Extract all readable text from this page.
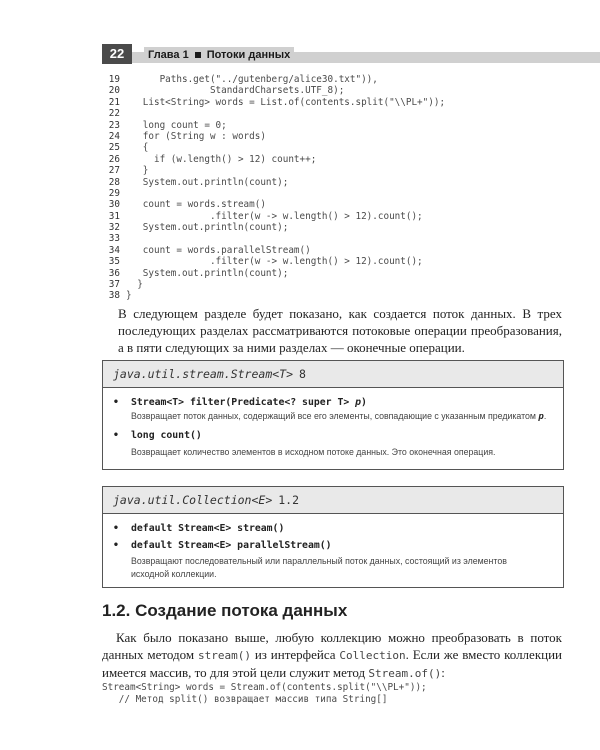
22	Глава 1 Потоки данных
19 Paths.get("../gutenberg/alice30.txt")),
20 StandardCharsets.UTF_8);
21 List<String> words = List.of(contents.split("\\PL+"));
22
23 long count = 0;
24 for (String w : words)
25 {
26 if (w.length() > 12) count++;
27 }
28 System.out.println(count);
29
30 count = words.stream()
31 .filter(w -> w.length() > 12).count();
32 System.out.println(count);
33
34 count = words.parallelStream()
35 .filter(w -> w.length() > 12).count();
36 System.out.println(count);
37 }
38 }
В следующем разделе будет показано, как создается поток данных. В трех последующих разделах рассматриваются потоковые операции преобразования, а в пяти следующих за ними разделах — оконечные операции.
java.util.stream.Stream<T> 8
• Stream<T> filter(Predicate<? super T> p)
Возвращает поток данных, содержащий все его элементы, совпадающие с указанным предикатом p.
• long count()
Возвращает количество элементов в исходном потоке данных. Это оконечная операция.
java.util.Collection<E> 1.2
• default Stream<E> stream()
• default Stream<E> parallelStream()
Возвращают последовательный или параллельный поток данных, состоящий из элементов исходной коллекции.
1.2. Создание потока данных
Как было показано выше, любую коллекцию можно преобразовать в поток данных методом stream() из интерфейса Collection. Если же вместо коллекции имеется массив, то для этой цели служит метод Stream.of():
Stream<String> words = Stream.of(contents.split("\\PL+"));
// Метод split() возвращает массив типа String[]
